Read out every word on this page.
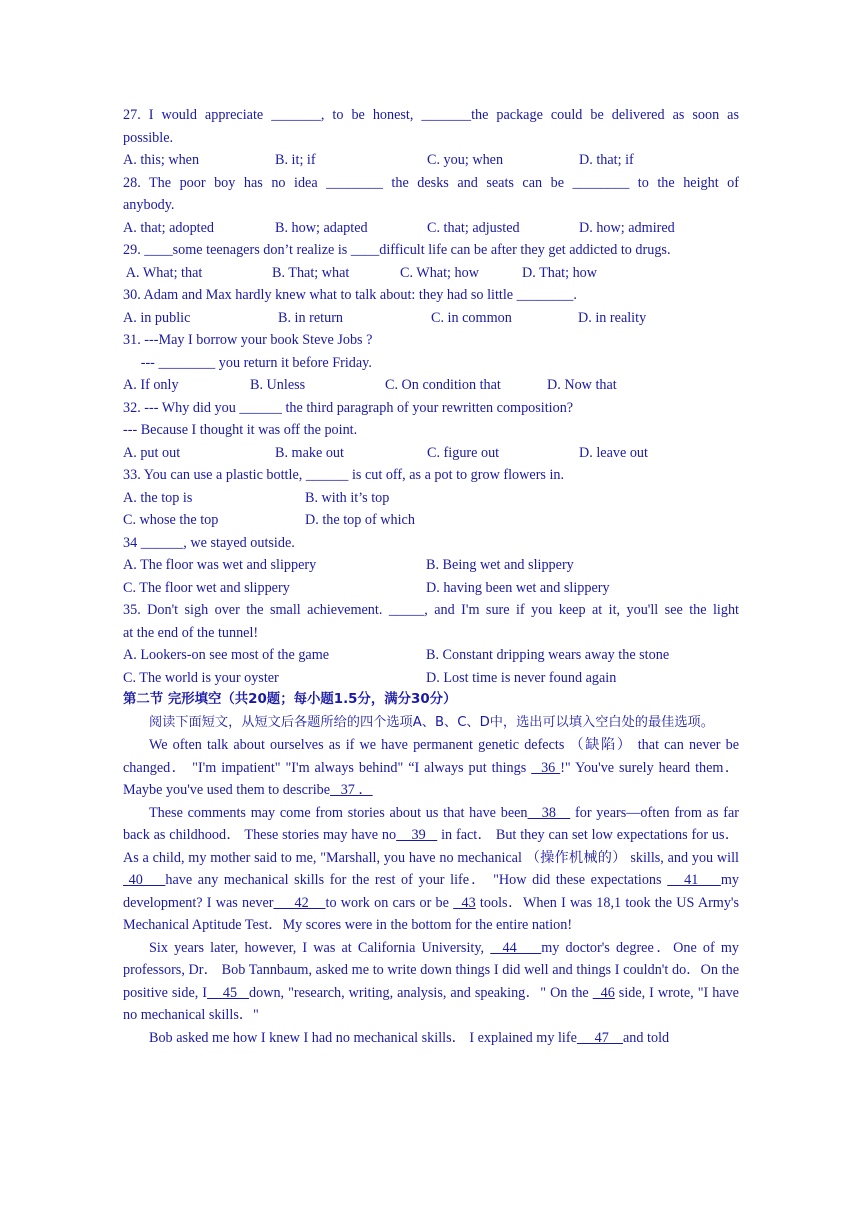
27. I would appreciate _______, to be honest, _______the package could be delivered as soon as
possible.
A. this; when	B. it; if	C. you; when	D. that; if
28. The poor boy has no idea ________ the desks and seats can be ________ to the height of
anybody.
A. that; adopted	B. how; adapted	C. that; adjusted	D. how; admired
29. ____some teenagers don’t realize is ____difficult life can be after they get addicted to drugs.
A. What; that	B. That; what	C. What; how	D. That; how
30. Adam and Max hardly knew what to talk about: they had so little ________.
A. in public	B. in return	C. in common	D. in reality
31. ---May I borrow your book Steve Jobs ?
--- ________ you return it before Friday.
A. If only	B. Unless	C. On condition that	D. Now that
32. --- Why did you ______ the third paragraph of your rewritten composition?
--- Because I thought it was off the point.
A. put out	B. make out	C. figure out	D. leave out
33. You can use a plastic bottle, ______ is cut off, as a pot to grow flowers in.
A. the top is	B. with it’s top
C. whose the top	D. the top of which
34 ______, we stayed outside.
A. The floor was wet and slippery	B. Being wet and slippery
C. The floor wet and slippery	D. having been wet and slippery
35. Don't sigh over the small achievement. _____, and I'm sure if you keep at it, you'll see the light
at the end of the tunnel!
A. Lookers-on see most of the game	B. Constant dripping wears away the stone
C. The world is your oyster	D. Lost time is never found again
第二节 完形填空（共20题；每小题1.5分，满分30分）
阅读下面短文，从短文后各题所给的四个选项A、B、C、D中，选出可以填入空白处的最佳选项。
We often talk about ourselves as if we have permanent genetic defects （缺陷） that can never be changed． "I'm impatient" "I'm always behind" “I always put things   36 !" You've surely heard them． Maybe you've used them to describe   37 ．
These comments may come from stories about us that have been   38    for years—often from as far back as childhood． These stories may have no    39    in fact． But they can set low expectations for us．As a child, my mother said to me, "Marshall, you have no mechanical （操作机械的） skills, and you will  40    have any mechanical skills for the rest of your life． "How did these expectations    41    my development? I was never     42    to work on cars or be   43 tools．When I was 18,1 took the US Army's Mechanical Aptitude Test．My scores were in the bottom for the entire nation!
Six years later, however, I was at California University,   44    my doctor's degree．One of my professors, Dr． Bob Tannbaum, asked me to write down things I did well and things I couldn't do．On the positive side, I    45   down, "research, writing, analysis, and speaking．" On the   46 side, I wrote, "I have no mechanical skills．"
Bob asked me how I knew I had no mechanical skills． I explained my life     47    and told
